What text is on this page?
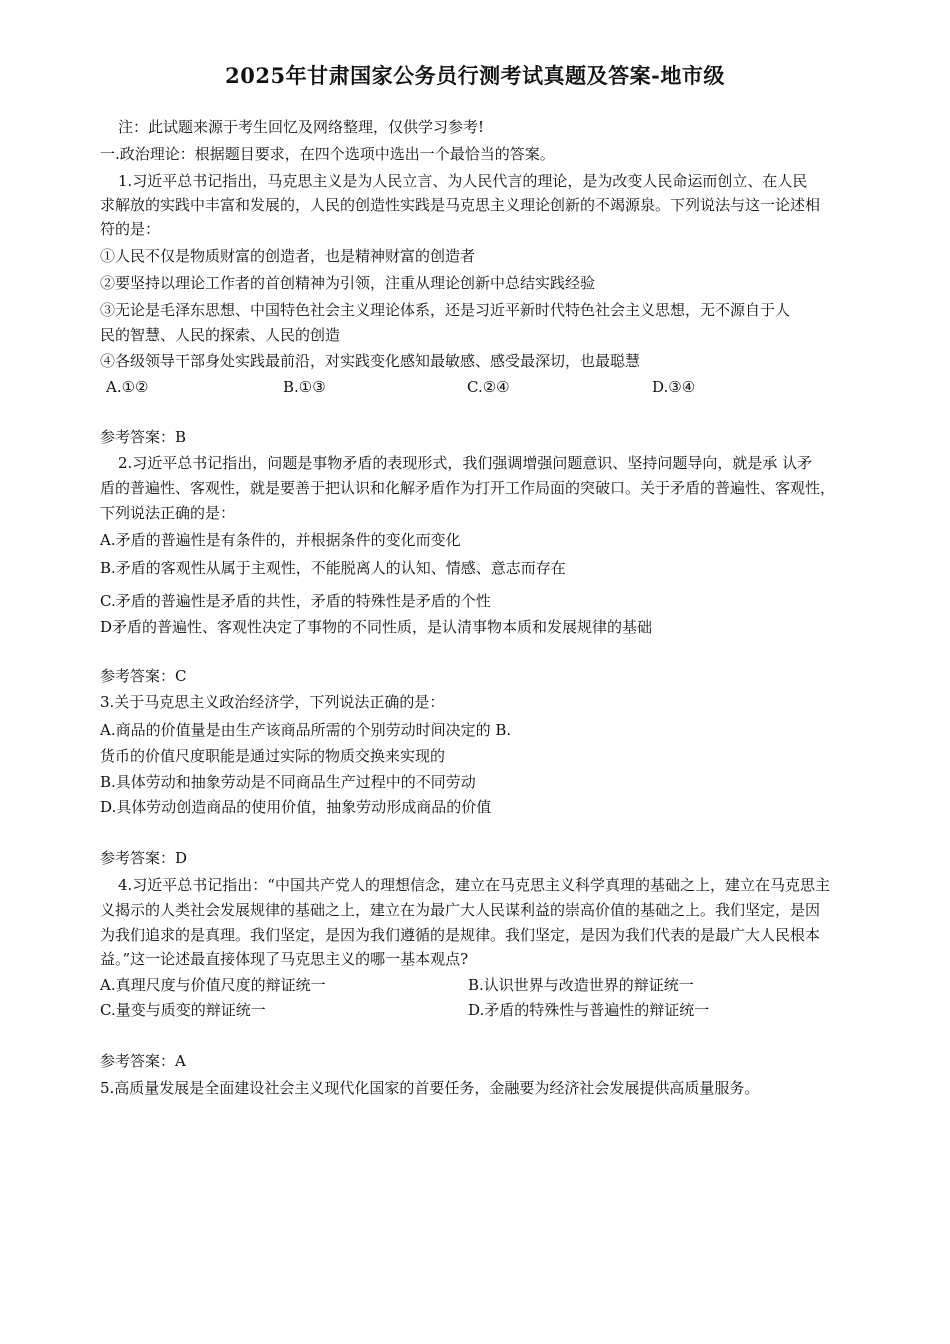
2025年甘肃国家公务员行测考试真题及答案-地市级
注：此试题来源于考生回忆及网络整理，仅供学习参考!
一.政治理论：根据题目要求，在四个选项中选出一个最恰当的答案。
1.习近平总书记指出，马克思主义是为人民立言、为人民代言的理论，是为改变人民命运而创立、在人民
求解放的实践中丰富和发展的，人民的创造性实践是马克思主义理论创新的不竭源泉。下列说法与这一论述相
符的是：
①人民不仅是物质财富的创造者，也是精神财富的创造者
②要坚持以理论工作者的首创精神为引领，注重从理论创新中总结实践经验
③无论是毛泽东思想、中国特色社会主义理论体系，还是习近平新时代特色社会主义思想，无不源自于人
民的智慧、人民的探索、人民的创造
④各级领导干部身处实践最前沿，对实践变化感知最敏感、感受最深切，也最聪慧
A.①②	B.①③	C.②④	D.③④
参考答案：B
2.习近平总书记指出，问题是事物矛盾的表现形式，我们强调增强问题意识、坚持问题导向，就是承 认矛
盾的普遍性、客观性，就是要善于把认识和化解矛盾作为打开工作局面的突破口。关于矛盾的普遍性、客观性，
下列说法正确的是：
A.矛盾的普遍性是有条件的，并根据条件的变化而变化
B.矛盾的客观性从属于主观性，不能脱离人的认知、情感、意志而存在
C.矛盾的普遍性是矛盾的共性，矛盾的特殊性是矛盾的个性
D矛盾的普遍性、客观性决定了事物的不同性质，是认清事物本质和发展规律的基础
参考答案：C
3.关于马克思主义政治经济学，下列说法正确的是：
A.商品的价值量是由生产该商品所需的个别劳动时间决定的 B.
货币的价值尺度职能是通过实际的物质交换来实现的
B.具体劳动和抽象劳动是不同商品生产过程中的不同劳动
D.具体劳动创造商品的使用价值，抽象劳动形成商品的价值
参考答案：D
4.习近平总书记指出：“中国共产党人的理想信念，建立在马克思主义科学真理的基础之上，建立在马克思主
义揭示的人类社会发展规律的基础之上，建立在为最广大人民谋利益的崇高价值的基础之上。我们坚定，是因
为我们追求的是真理。我们坚定，是因为我们遵循的是规律。我们坚定，是因为我们代表的是最广大人民根本
益。”这一论述最直接体现了马克思主义的哪一基本观点?
A.真理尺度与价值尺度的辩证统一	B.认识世界与改造世界的辩证统一
C.量变与质变的辩证统一	D.矛盾的特殊性与普遍性的辩证统一
参考答案：A
5.高质量发展是全面建设社会主义现代化国家的首要任务，金融要为经济社会发展提供高质量服务。
